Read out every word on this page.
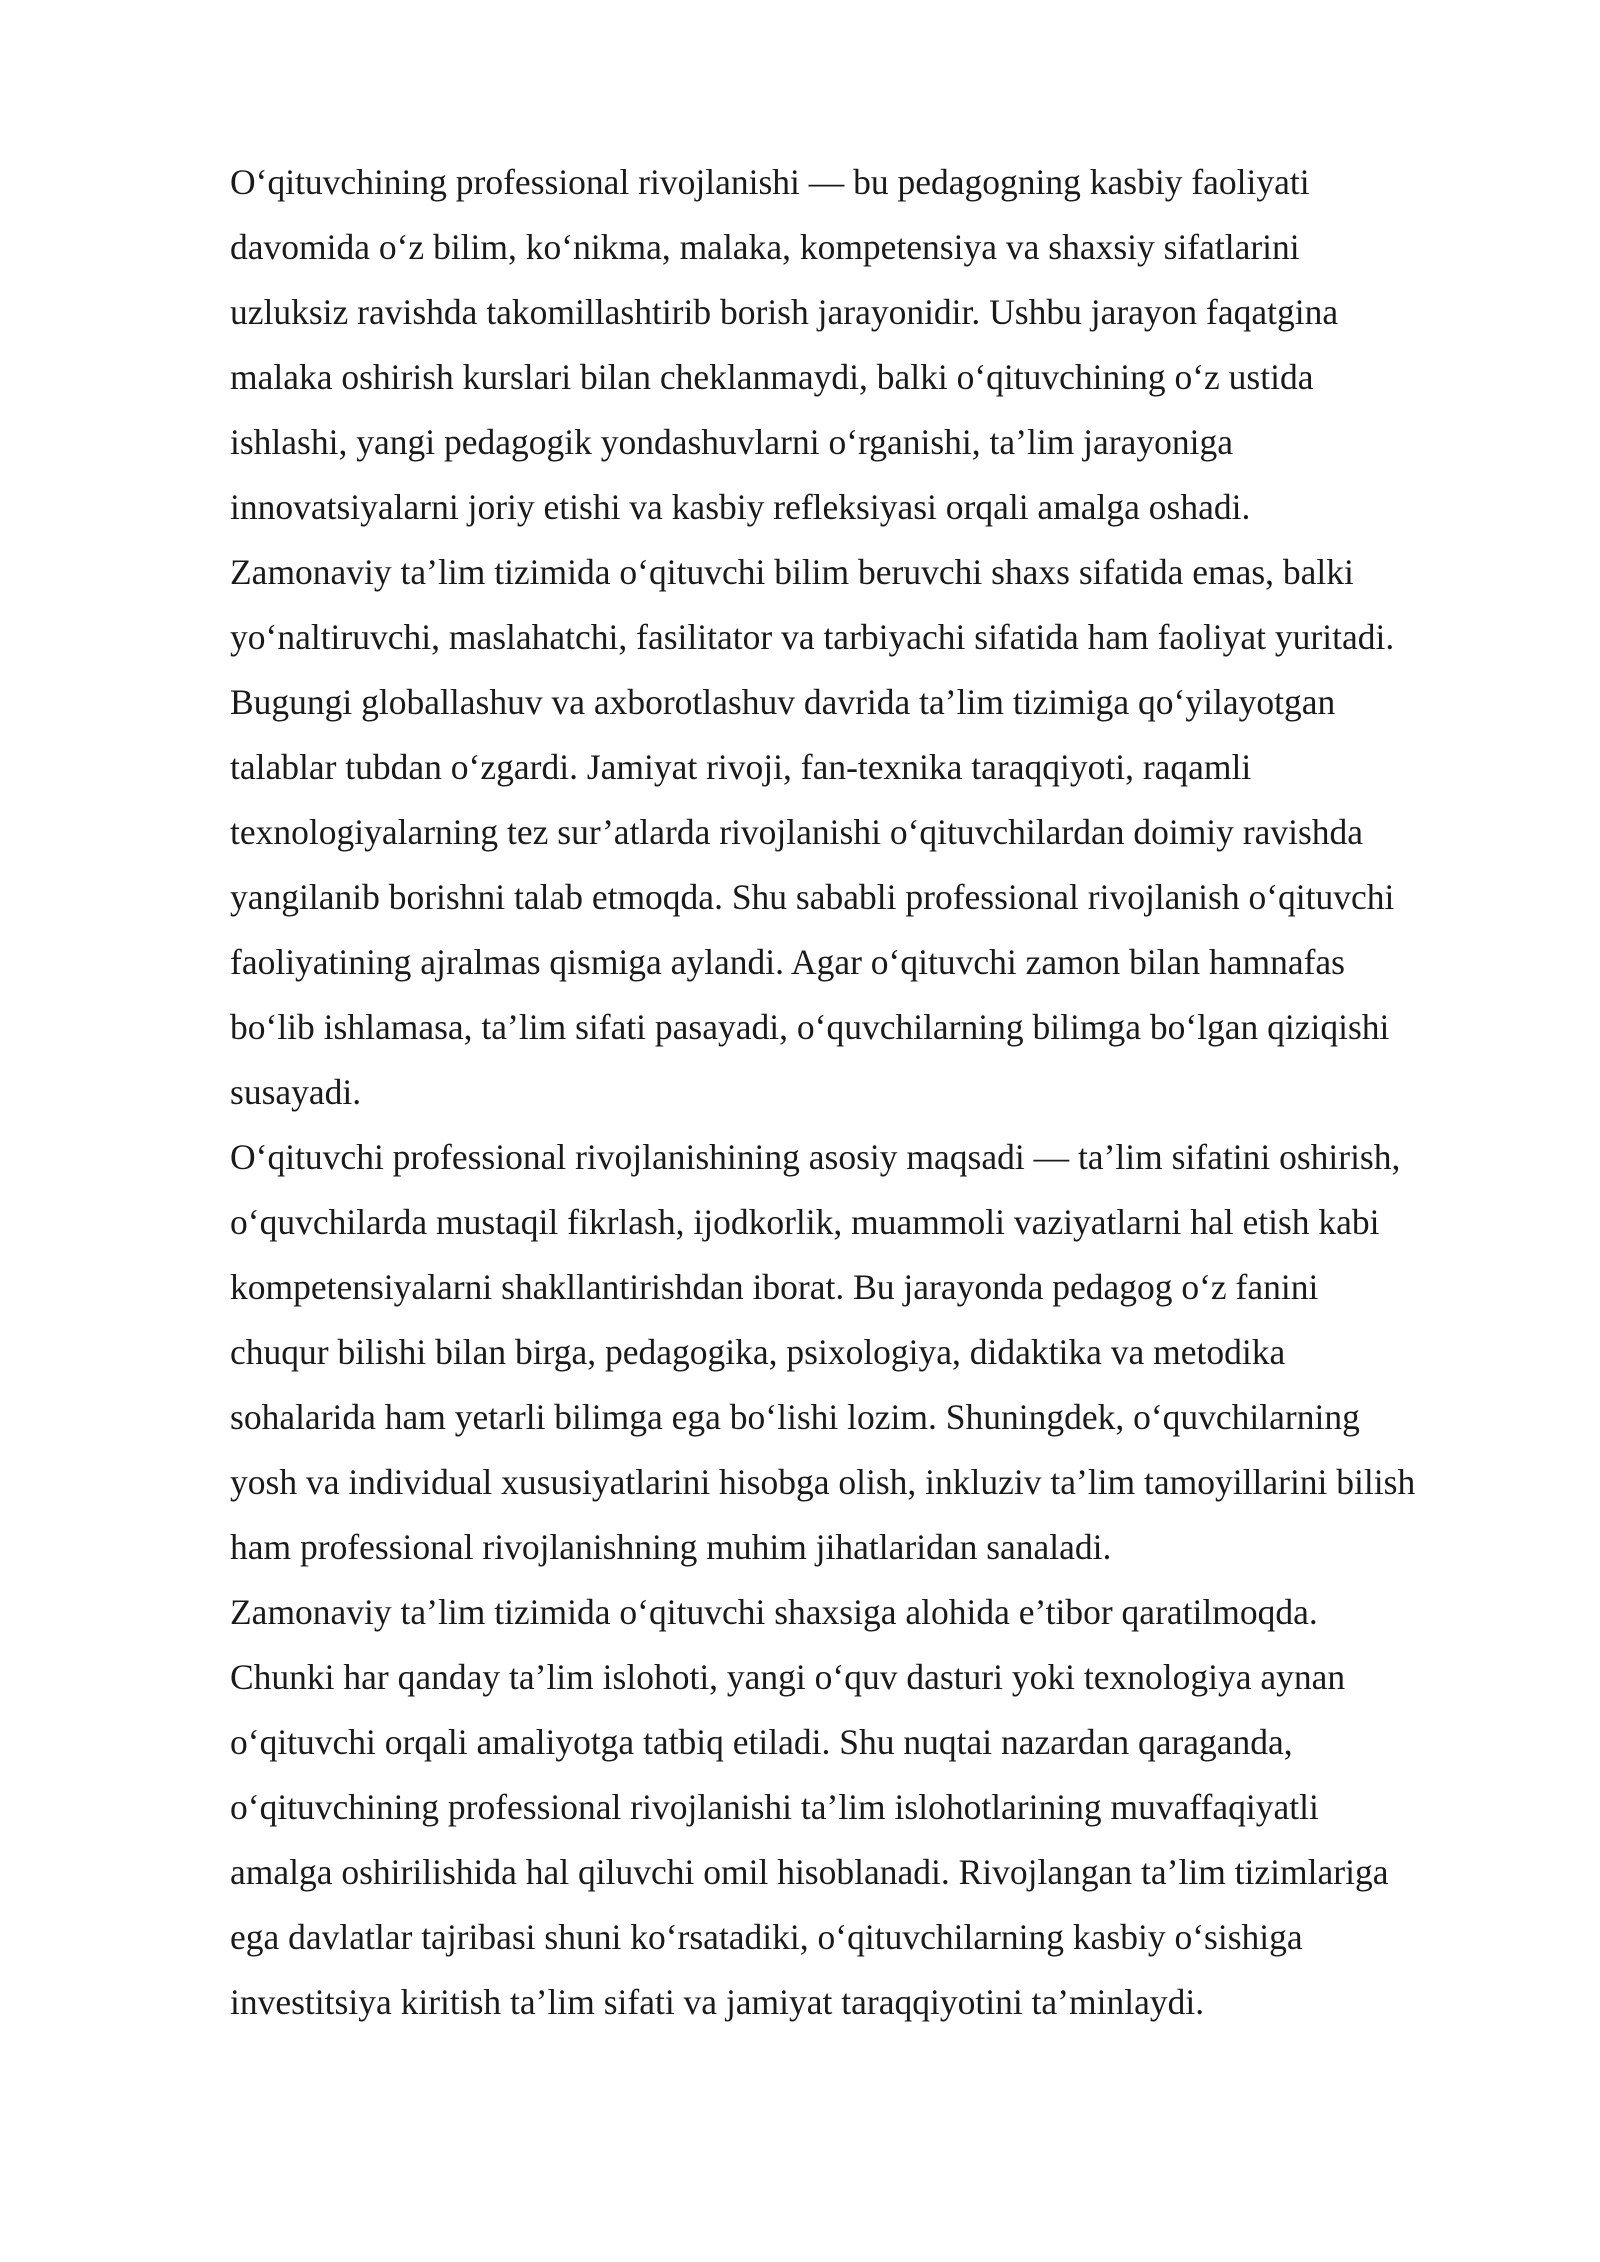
O‘qituvchining professional rivojlanishi — bu pedagogning kasbiy faoliyati
davomida o‘z bilim, ko‘nikma, malaka, kompetensiya va shaxsiy sifatlarini
uzluksiz ravishda takomillashtirib borish jarayonidir. Ushbu jarayon faqatgina
malaka oshirish kurslari bilan cheklanmaydi, balki o‘qituvchining o‘z ustida
ishlashi, yangi pedagogik yondashuvlarni o‘rganishi, ta’lim jarayoniga
innovatsiyalarni joriy etishi va kasbiy refleksiyasi orqali amalga oshadi.
Zamonaviy ta’lim tizimida o‘qituvchi bilim beruvchi shaxs sifatida emas, balki
yo‘naltiruvchi, maslahatchi, fasilitator va tarbiyachi sifatida ham faoliyat yuritadi.
Bugungi globallashuv va axborotlashuv davrida ta’lim tizimiga qo‘yilayotgan
talablar tubdan o‘zgardi. Jamiyat rivoji, fan-texnika taraqqiyoti, raqamli
texnologiyalarning tez sur’atlarda rivojlanishi o‘qituvchilardan doimiy ravishda
yangilanib borishni talab etmoqda. Shu sababli professional rivojlanish o‘qituvchi
faoliyatining ajralmas qismiga aylandi. Agar o‘qituvchi zamon bilan hamnafas
bo‘lib ishlamasa, ta’lim sifati pasayadi, o‘quvchilarning bilimga bo‘lgan qiziqishi
susayadi.
O‘qituvchi professional rivojlanishining asosiy maqsadi — ta’lim sifatini oshirish,
o‘quvchilarda mustaqil fikrlash, ijodkorlik, muammoli vaziyatlarni hal etish kabi
kompetensiyalarni shakllantirishdan iborat. Bu jarayonda pedagog o‘z fanini
chuqur bilishi bilan birga, pedagogika, psixologiya, didaktika va metodika
sohalarida ham yetarli bilimga ega bo‘lishi lozim. Shuningdek, o‘quvchilarning
yosh va individual xususiyatlarini hisobga olish, inkluziv ta’lim tamoyillarini bilish
ham professional rivojlanishning muhim jihatlaridan sanaladi.
Zamonaviy ta’lim tizimida o‘qituvchi shaxsiga alohida e’tibor qaratilmoqda.
Chunki har qanday ta’lim islohoti, yangi o‘quv dasturi yoki texnologiya aynan
o‘qituvchi orqali amaliyotga tatbiq etiladi. Shu nuqtai nazardan qaraganda,
o‘qituvchining professional rivojlanishi ta’lim islohotlarining muvaffaqiyatli
amalga oshirilishida hal qiluvchi omil hisoblanadi. Rivojlangan ta’lim tizimlariga
ega davlatlar tajribasi shuni ko‘rsatadiki, o‘qituvchilarning kasbiy o‘sishiga
investitsiya kiritish ta’lim sifati va jamiyat taraqqiyotini ta’minlaydi.
